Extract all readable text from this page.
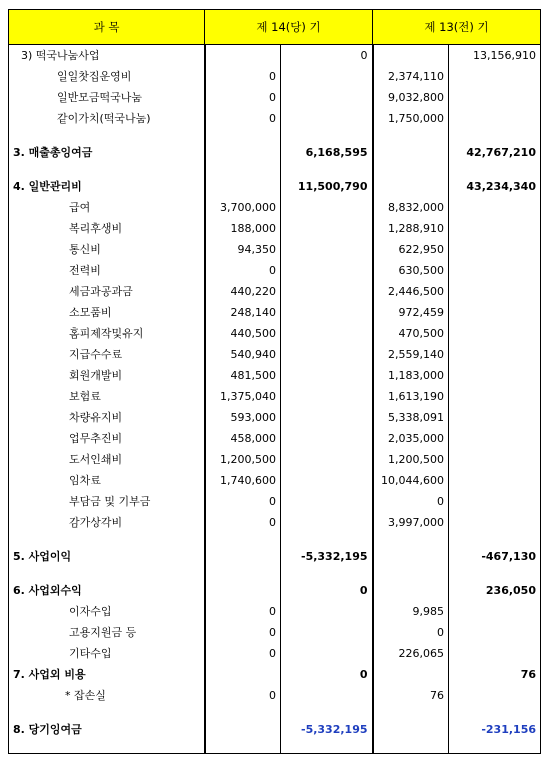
과 목	제 14(당) 기		제 13(전) 기	
3) 떡국나눔사업		0		13,156,910
일일찻집운영비	0		2,374,110	
일반모금떡국나눔	0		9,032,800	
같이가치(떡국나눔)	0		1,750,000	

3. 매출총잉여금		6,168,595		42,767,210

4. 일반관리비		11,500,790		43,234,340
급여	3,700,000		8,832,000	
복리후생비	188,000		1,288,910	
통신비	94,350		622,950	
전력비	0		630,500	
세금과공과금	440,220		2,446,500	
소모품비	248,140		972,459	
홈피제작및유지	440,500		470,500	
지급수수료	540,940		2,559,140	
회원개발비	481,500		1,183,000	
보험료	1,375,040		1,613,190	
차량유지비	593,000		5,338,091	
업무추진비	458,000		2,035,000	
도서인쇄비	1,200,500		1,200,500	
임차료	1,740,600		10,044,600	
부담금 및 기부금	0		0	
감가상각비	0		3,997,000	

5. 사업이익		-5,332,195		-467,130

6. 사업외수익		0		236,050
이자수입	0		9,985	
고용지원금 등	0		0	
기타수입	0		226,065	
7. 사업외 비용		0		76
* 잡손실	0		76	

8. 당기잉여금		-5,332,195		-231,156
